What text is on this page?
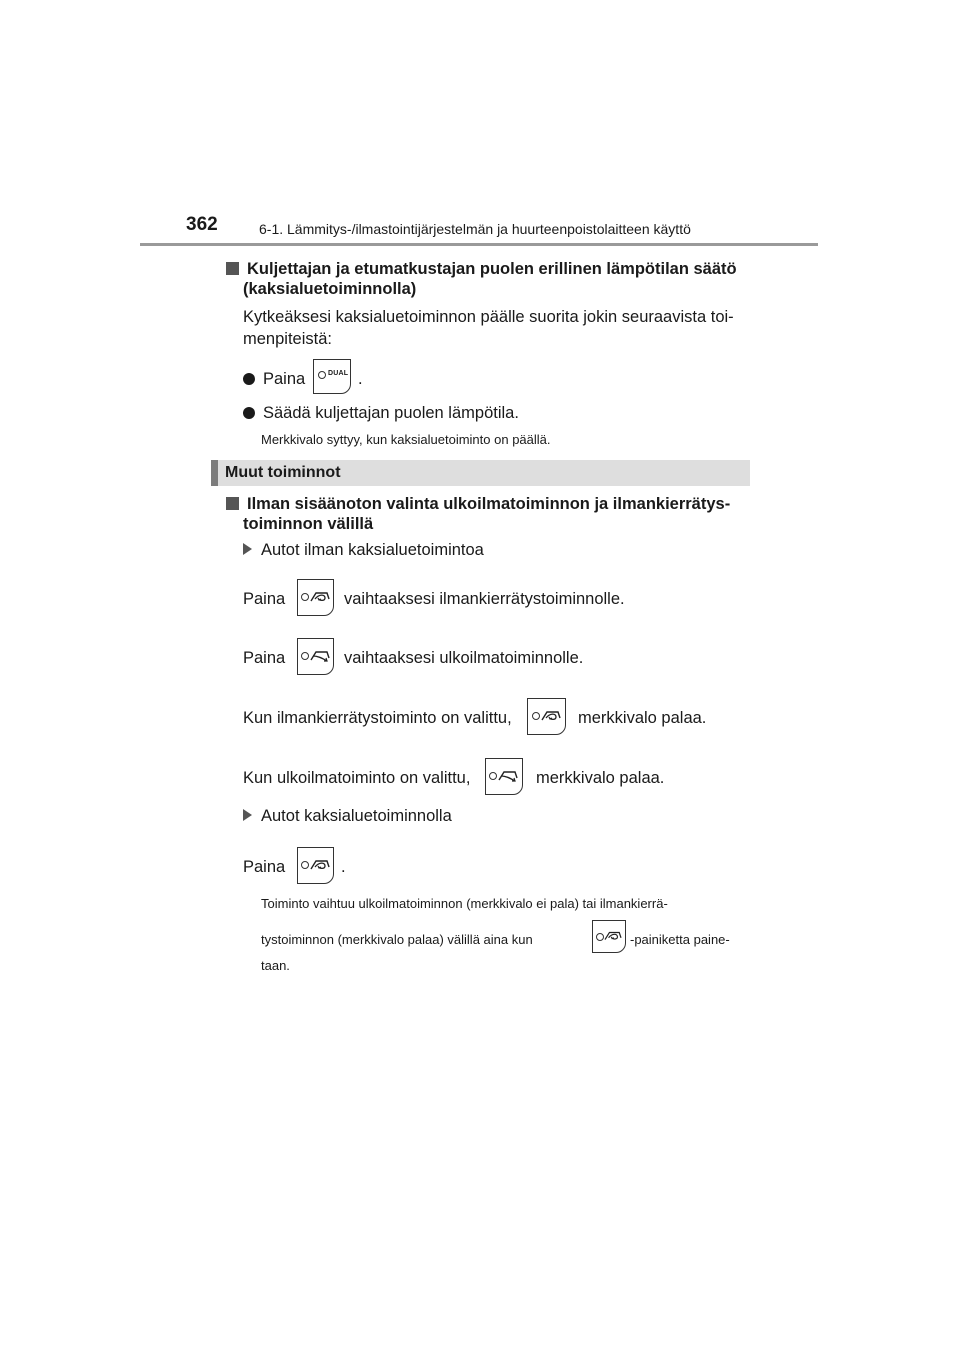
362	6-1. Lämmitys-/ilmastointijärjestelmän ja huurteenpoistolaitteen käyttö
Kuljettajan ja etumatkustajan puolen erillinen lämpötilan säätö
(kaksialuetoiminnolla)
Kytkeäksesi kaksialuetoiminnon päälle suorita jokin seuraavista toi-
menpiteistä:
Paina	DUAL .
Säädä kuljettajan puolen lämpötila.
Merkkivalo syttyy, kun kaksialuetoiminto on päällä.
Muut toiminnot
Ilman sisäänoton valinta ulkoilmatoiminnon ja ilmankierrätys-
toiminnon välillä
Autot ilman kaksialuetoimintoa
Paina	vaihtaaksesi ilmankierrätystoiminnolle.
Paina	vaihtaaksesi ulkoilmatoiminnolle.
Kun ilmankierrätystoiminto on valittu,	merkkivalo palaa.
Kun ulkoilmatoiminto on valittu,	merkkivalo palaa.
Autot kaksialuetoiminnolla
Paina	.
Toiminto vaihtuu ulkoilmatoiminnon (merkkivalo ei pala) tai ilmankierrä-
tystoiminnon (merkkivalo palaa) välillä aina kun	-painiketta paine-
taan.
